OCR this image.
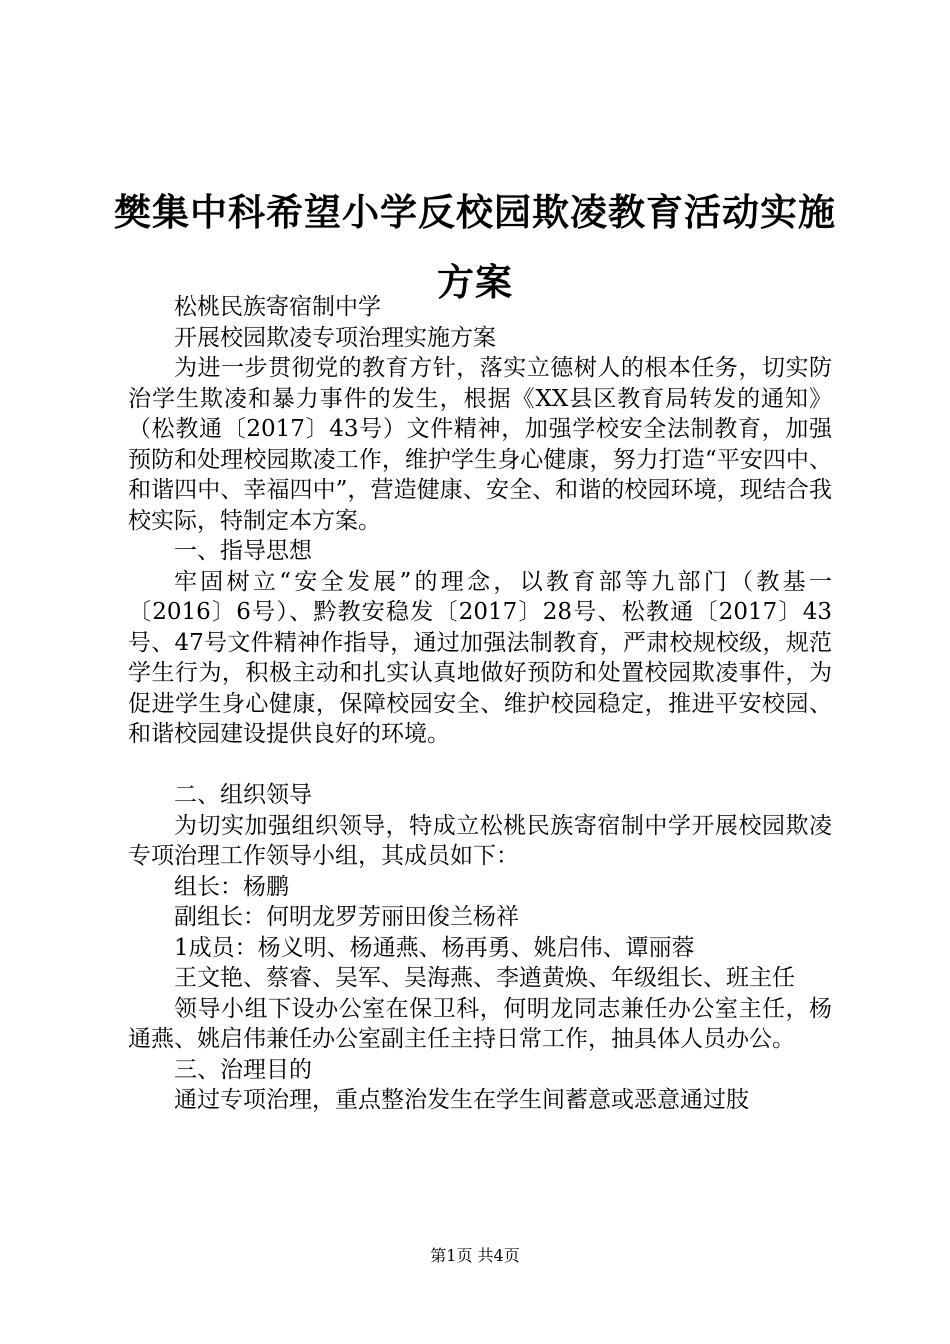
樊集中科希望小学反校园欺凌教育活动实施方案

松桃民族寄宿制中学

开展校园欺凌专项治理实施方案

为进一步贯彻党的教育方针，落实立德树人的根本任务，切实防治学生欺凌和暴力事件的发生，根据《XX县区教育局转发的通知》（松教通〔2017〕43号）文件精神，加强学校安全法制教育，加强预防和处理校园欺凌工作，维护学生身心健康，努力打造“平安四中、和谐四中、幸福四中”，营造健康、安全、和谐的校园环境，现结合我校实际，特制定本方案。

一、指导思想

牢固树立“安全发展”的理念，以教育部等九部门（教基一〔2016〕6号）、黔教安稳发〔2017〕28号、松教通〔2017〕43号、47号文件精神作指导，通过加强法制教育，严肃校规校级，规范学生行为，积极主动和扎实认真地做好预防和处置校园欺凌事件，为促进学生身心健康，保障校园安全、维护校园稳定，推进平安校园、和谐校园建设提供良好的环境。

二、组织领导

为切实加强组织领导，特成立松桃民族寄宿制中学开展校园欺凌专项治理工作领导小组，其成员如下：

组长：杨鹏

副组长：何明龙罗芳丽田俊兰杨祥

1成员：杨义明、杨通燕、杨再勇、姚启伟、谭丽蓉

王文艳、蔡睿、吴军、吴海燕、李遒黄焕、年级组长、班主任

领导小组下设办公室在保卫科，何明龙同志兼任办公室主任，杨通燕、姚启伟兼任办公室副主任主持日常工作，抽具体人员办公。

三、治理目的

通过专项治理，重点整治发生在学生间蓄意或恶意通过肢

第1页 共4页
